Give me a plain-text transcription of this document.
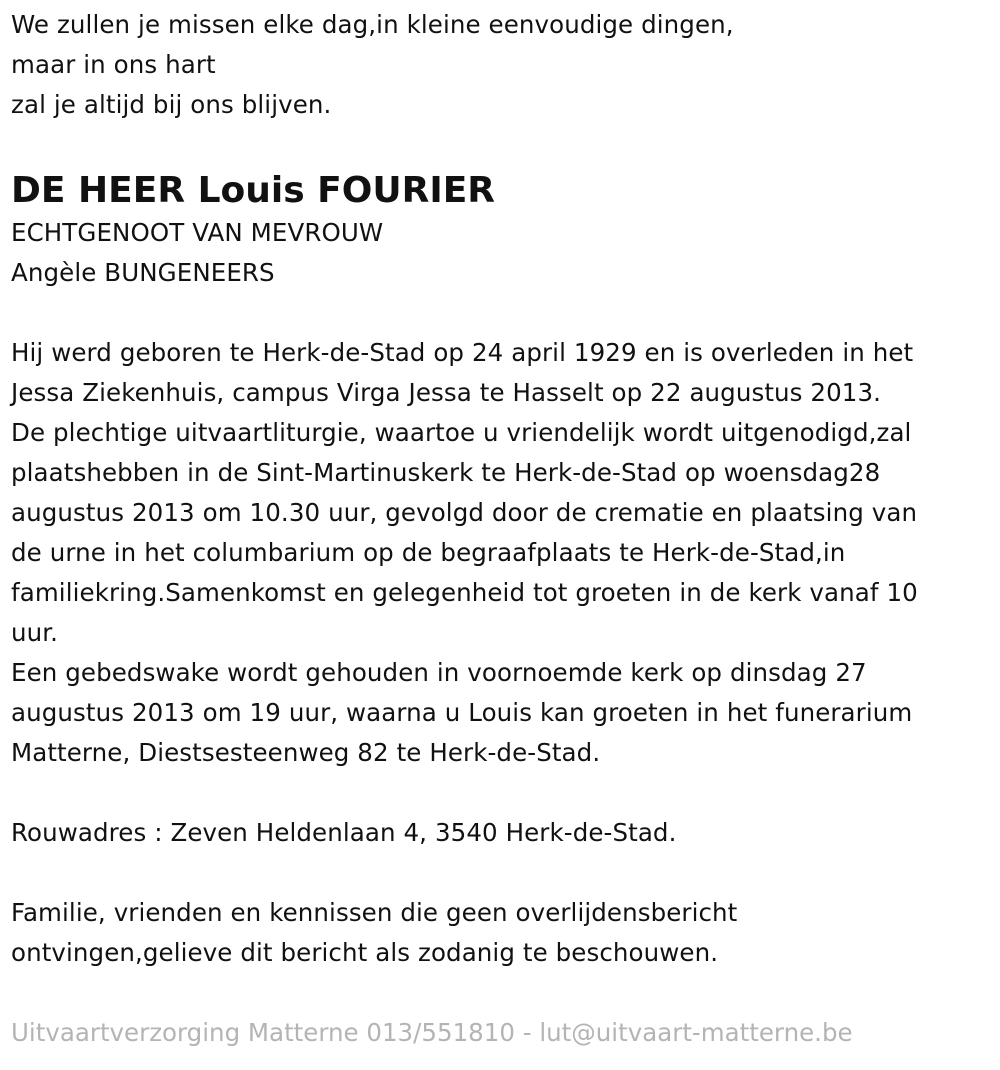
We zullen je missen elke dag,in kleine eenvoudige dingen,
maar in ons hart
zal je altijd bij ons blijven.
DE HEER Louis FOURIER
ECHTGENOOT VAN MEVROUW
Angèle BUNGENEERS
Hij werd geboren te Herk-de-Stad op 24 april 1929 en is overleden in het
Jessa Ziekenhuis, campus Virga Jessa te Hasselt op 22 augustus 2013.
De plechtige uitvaartliturgie, waartoe u vriendelijk wordt uitgenodigd,zal
plaatshebben in de Sint-Martinuskerk te Herk-de-Stad op woensdag28
augustus 2013 om 10.30 uur, gevolgd door de crematie en plaatsing van
de urne in het columbarium op de begraafplaats te Herk-de-Stad,in
familiekring.Samenkomst en gelegenheid tot groeten in de kerk vanaf 10
uur.
Een gebedswake wordt gehouden in voornoemde kerk op dinsdag 27
augustus 2013 om 19 uur, waarna u Louis kan groeten in het funerarium
Matterne, Diestsesteenweg 82 te Herk-de-Stad.
Rouwadres : Zeven Heldenlaan 4, 3540 Herk-de-Stad.
Familie, vrienden en kennissen die geen overlijdensbericht
ontvingen,gelieve dit bericht als zodanig te beschouwen.
Uitvaartverzorging Matterne 013/551810 - lut@uitvaart-matterne.be
